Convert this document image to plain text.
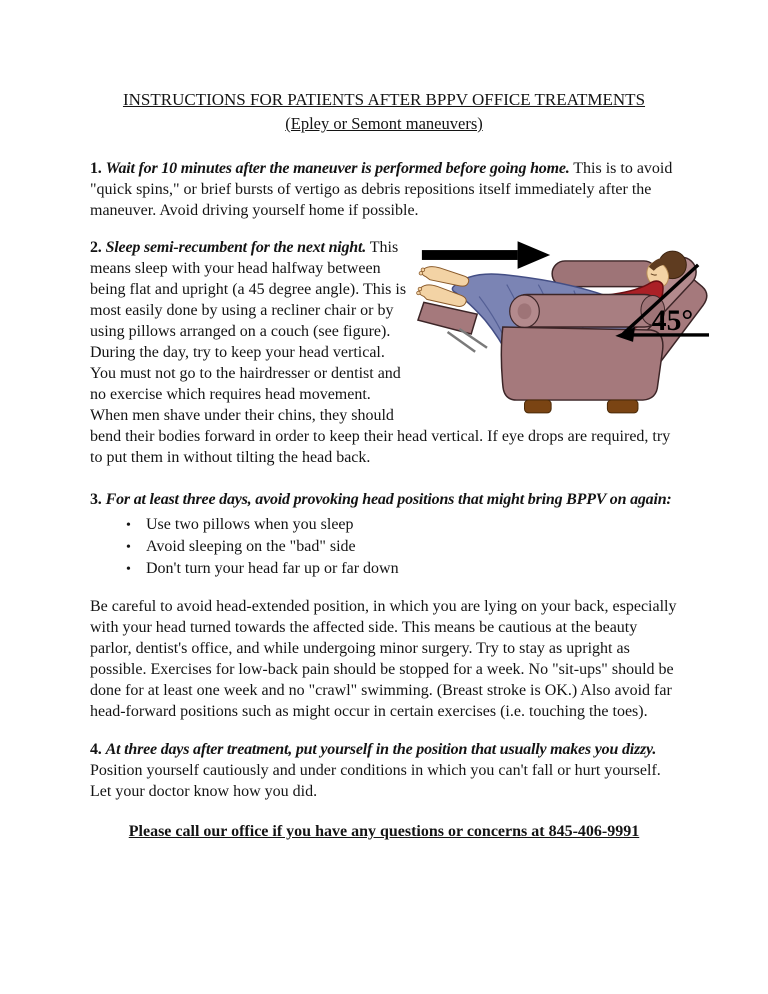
INSTRUCTIONS FOR PATIENTS AFTER BPPV OFFICE TREATMENTS
(Epley or Semont maneuvers)

1. Wait for 10 minutes after the maneuver is performed before going home. This is to avoid "quick spins," or brief bursts of vertigo as debris repositions itself immediately after the maneuver. Avoid driving yourself home if possible.

45°
2. Sleep semi-recumbent for the next night. This means sleep with your head halfway between being flat and upright (a 45 degree angle). This is most easily done by using a recliner chair or by using pillows arranged on a couch (see figure). During the day, try to keep your head vertical. You must not go to the hairdresser or dentist and no exercise which requires head movement. When men shave under their chins, they should bend their bodies forward in order to keep their head vertical. If eye drops are required, try to put them in without tilting the head back.

3. For at least three days, avoid provoking head positions that might bring BPPV on again:

• Use two pillows when you sleep
• Avoid sleeping on the "bad" side
• Don't turn your head far up or far down

Be careful to avoid head-extended position, in which you are lying on your back, especially with your head turned towards the affected side. This means be cautious at the beauty parlor, dentist's office, and while undergoing minor surgery. Try to stay as upright as possible. Exercises for low-back pain should be stopped for a week. No "sit-ups" should be done for at least one week and no "crawl" swimming. (Breast stroke is OK.) Also avoid far head-forward positions such as might occur in certain exercises (i.e. touching the toes).

4. At three days after treatment, put yourself in the position that usually makes you dizzy. Position yourself cautiously and under conditions in which you can't fall or hurt yourself. Let your doctor know how you did.

Please call our office if you have any questions or concerns at 845-406-9991
